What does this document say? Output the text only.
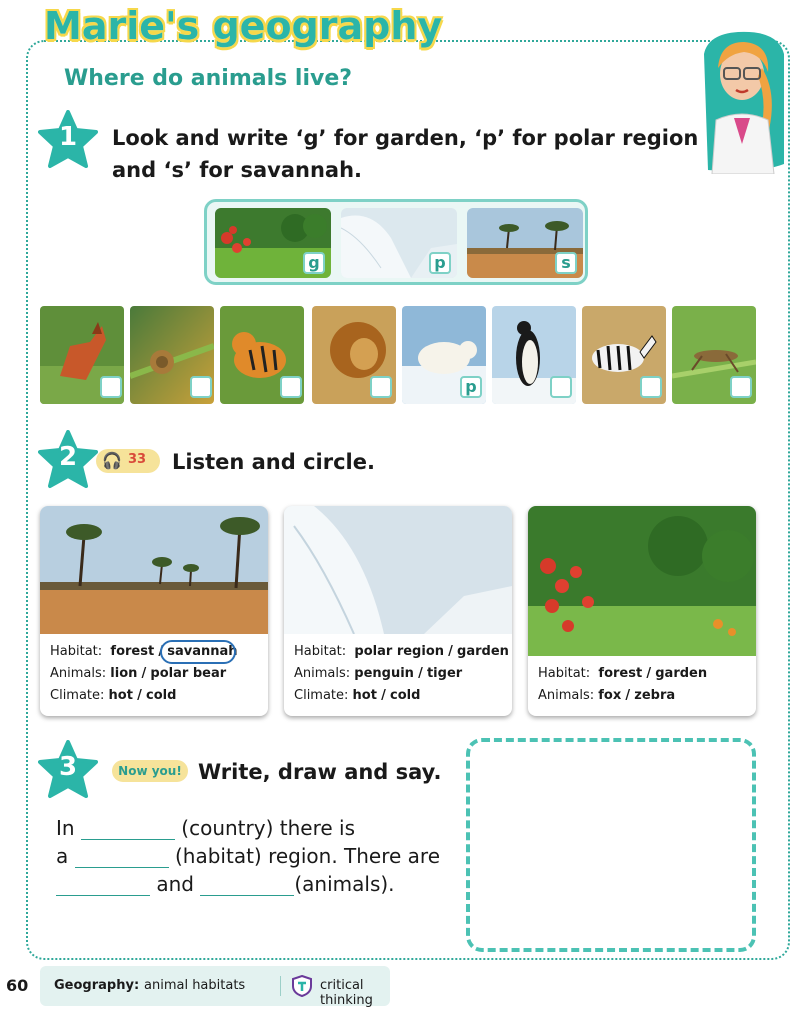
Marie's geography
Where do animals live?
1	Look and write ‘g’ for garden, ‘p’ for polar region
and ‘s’ for savannah.
g	p	s
p
2	🎧 33 Listen and circle.
Habitat: forest / savannah
Animals: lion / polar bear
Climate: hot / cold
Habitat: polar region / garden
Animals: penguin / tiger
Climate: hot / cold
Habitat: forest / garden
Animals: fox / zebra
3	Now you! Write, draw and say.
In	(country) there is
a	(habitat) region. There are
and	(animals).
60 Geography: animal habitats	critical thinking
